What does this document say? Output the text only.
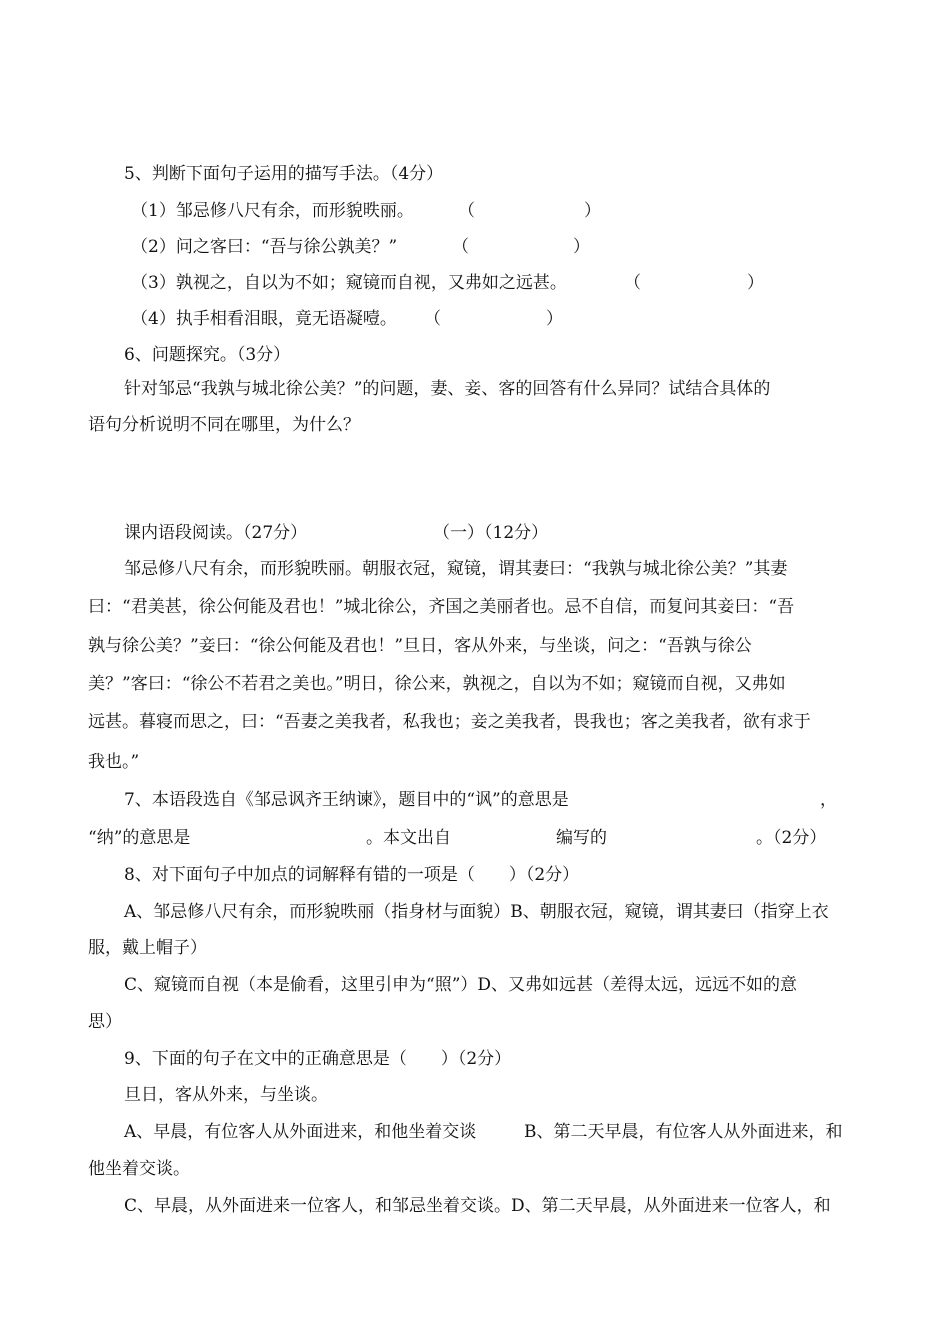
5、判断下面句子运用的描写手法。（4分）
（1）邹忌修八尺有余，而形貌昳丽。	（	）
（2）问之客曰：“吾与徐公孰美？”	（	）
（3）孰视之，自以为不如；窥镜而自视，又弗如之远甚。	（	）
（4）执手相看泪眼，竟无语凝噎。 （	）
6、问题探究。（3分）
针对邹忌“我孰与城北徐公美？”的问题，妻、妾、客的回答有什么异同？试结合具体的
语句分析说明不同在哪里，为什么？
课内语段阅读。（27分）	（一）（12分）
邹忌修八尺有余，而形貌昳丽。朝服衣冠，窥镜，谓其妻曰：“我孰与城北徐公美？”其妻
曰：“君美甚，徐公何能及君也！”城北徐公，齐国之美丽者也。忌不自信，而复问其妾曰：“吾
孰与徐公美？”妾曰：“徐公何能及君也！”旦日，客从外来，与坐谈，问之：“吾孰与徐公
美？”客曰：“徐公不若君之美也。”明日，徐公来，孰视之，自以为不如；窥镜而自视，又弗如
远甚。暮寝而思之，曰：“吾妻之美我者，私我也；妾之美我者，畏我也；客之美我者，欲有求于
我也。”
7、本语段选自《邹忌讽齐王纳谏》，题目中的“讽”的意思是	，
“纳”的意思是	。本文出自	编写的	。（2分）
8、对下面句子中加点的词解释有错的一项是（　　）（2分）
A、邹忌修八尺有余，而形貌昳丽（指身材与面貌）B、朝服衣冠，窥镜，谓其妻曰（指穿上衣
服，戴上帽子）
C、窥镜而自视（本是偷看，这里引申为“照”）D、又弗如远甚（差得太远，远远不如的意
思）
9、下面的句子在文中的正确意思是（　　）（2分）
旦日，客从外来，与坐谈。
A、早晨，有位客人从外面进来，和他坐着交谈	B、第二天早晨，有位客人从外面进来，和
他坐着交谈。
C、早晨，从外面进来一位客人，和邹忌坐着交谈。D、第二天早晨，从外面进来一位客人，和
